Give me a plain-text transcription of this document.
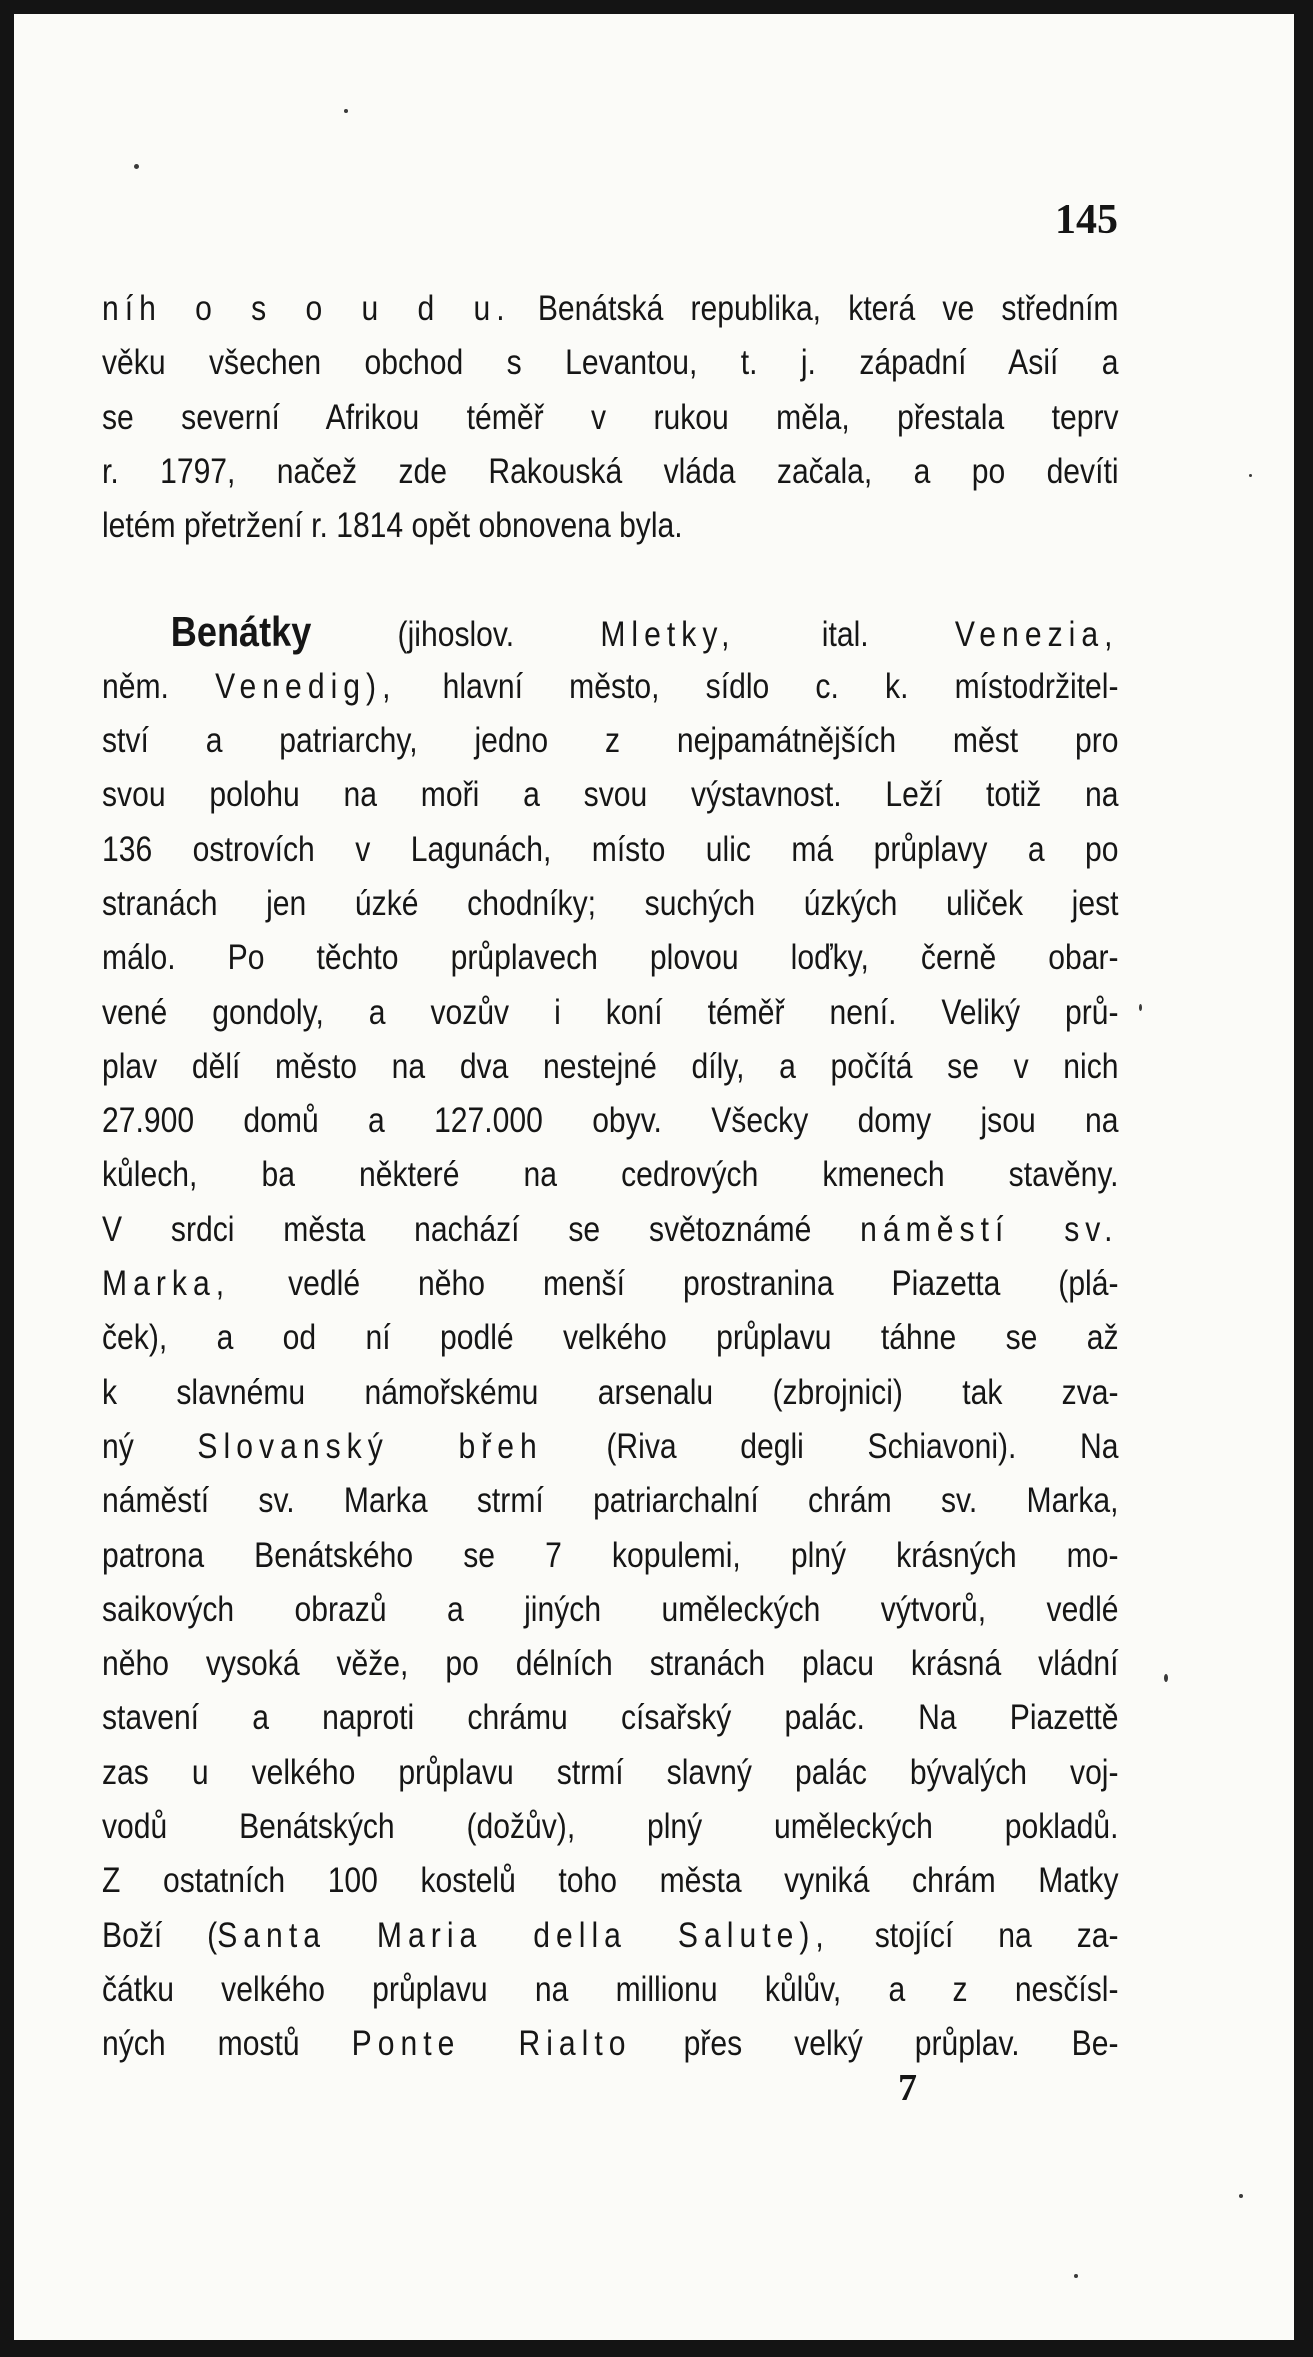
145
níh o s o u d u. Benátská republika, která ve středním
věku všechen obchod s Levantou, t. j. západní Asií a
se severní Afrikou téměř v rukou měla, přestala teprv
r. 1797, načež zde Rakouská vláda začala, a po devíti
letém přetržení r. 1814 opět obnovena byla.
Benátky (jihoslov. Mletky, ital. Venezia,
něm. Venedig), hlavní město, sídlo c. k. místodržitel-
ství a patriarchy, jedno z nejpamátnějších měst pro
svou polohu na moři a svou výstavnost. Leží totiž na
136 ostrovích v Lagunách, místo ulic má průplavy a po
stranách jen úzké chodníky; suchých úzkých uliček jest
málo. Po těchto průplavech plovou loďky, černě obar-
vené gondoly, a vozův i koní téměř není. Veliký prů-
plav dělí město na dva nestejné díly, a počítá se v nich
27.900 domů a 127.000 obyv. Všecky domy jsou na
kůlech, ba některé na cedrových kmenech stavěny.
V srdci města nachází se světoznámé náměstí sv.
Marka, vedlé něho menší prostranina Piazetta (plá-
ček), a od ní podlé velkého průplavu táhne se až
k slavnému námořskému arsenalu (zbrojnici) tak zva-
ný Slovanský břeh (Riva degli Schiavoni). Na
náměstí sv. Marka strmí patriarchalní chrám sv. Marka,
patrona Benátského se 7 kopulemi, plný krásných mo-
saikových obrazů a jiných uměleckých výtvorů, vedlé
něho vysoká věže, po délních stranách placu krásná vládní
stavení a naproti chrámu císařský palác. Na Piazettě
zas u velkého průplavu strmí slavný palác bývalých voj-
vodů Benátských (dožův), plný uměleckých pokladů.
Z ostatních 100 kostelů toho města vyniká chrám Matky
Boží (Santa Maria della Salute), stojící na za-
čátku velkého průplavu na millionu kůlův, a z nesčísl-
ných mostů Ponte Rialto přes velký průplav. Be-
7
